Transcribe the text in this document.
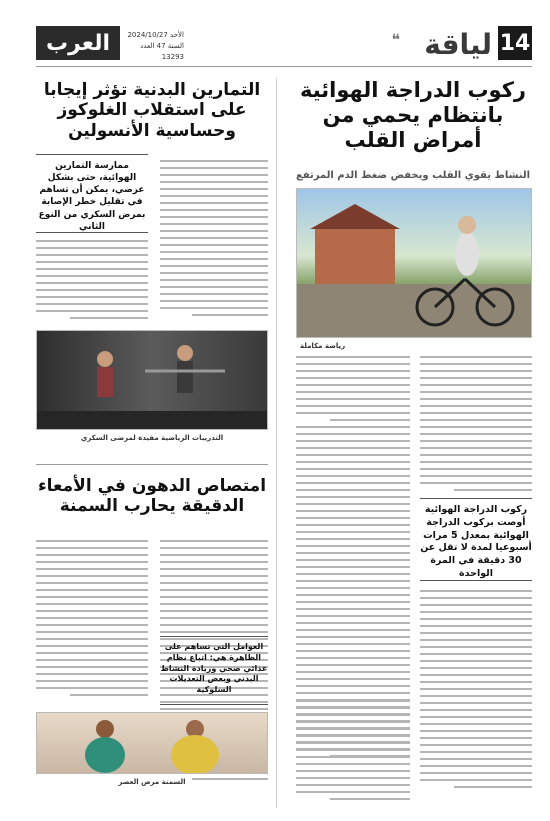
14
لياقة
❝
العرب الأحد 2024/10/27
السنة 47 العدد 13293
ركوب الدراجة الهوائية بانتظام يحمي من أمراض القلب
النشاط يقوي القلب ويخفض ضغط الدم المرتفع
رياضة مكاملة
ركوب الدراجة الهوائية أوصت بركوب الدراجة الهوائية بمعدل 5 مرات أسبوعيا لمدة لا تقل عن 30 دقيقة في المرة الواحدة
التمارين البدنية تؤثر إيجابا على استقلاب الغلوكوز وحساسية الأنسولين
ممارسة التمارين الهوائية، حتى بشكل عرضي، يمكن أن تساهم في تقليل خطر الإصابة بمرض السكري من النوع الثاني
التدريبات الرياضية مفيدة لمرضى السكري
امتصاص الدهون في الأمعاء الدقيقة يحارب السمنة
العوامل التي تساهم على الظاهرة هي: اتباع نظام غذائي صحي وزيادة النشاط البدني وبعض التعديلات السلوكية
السمنة مرض العصر
